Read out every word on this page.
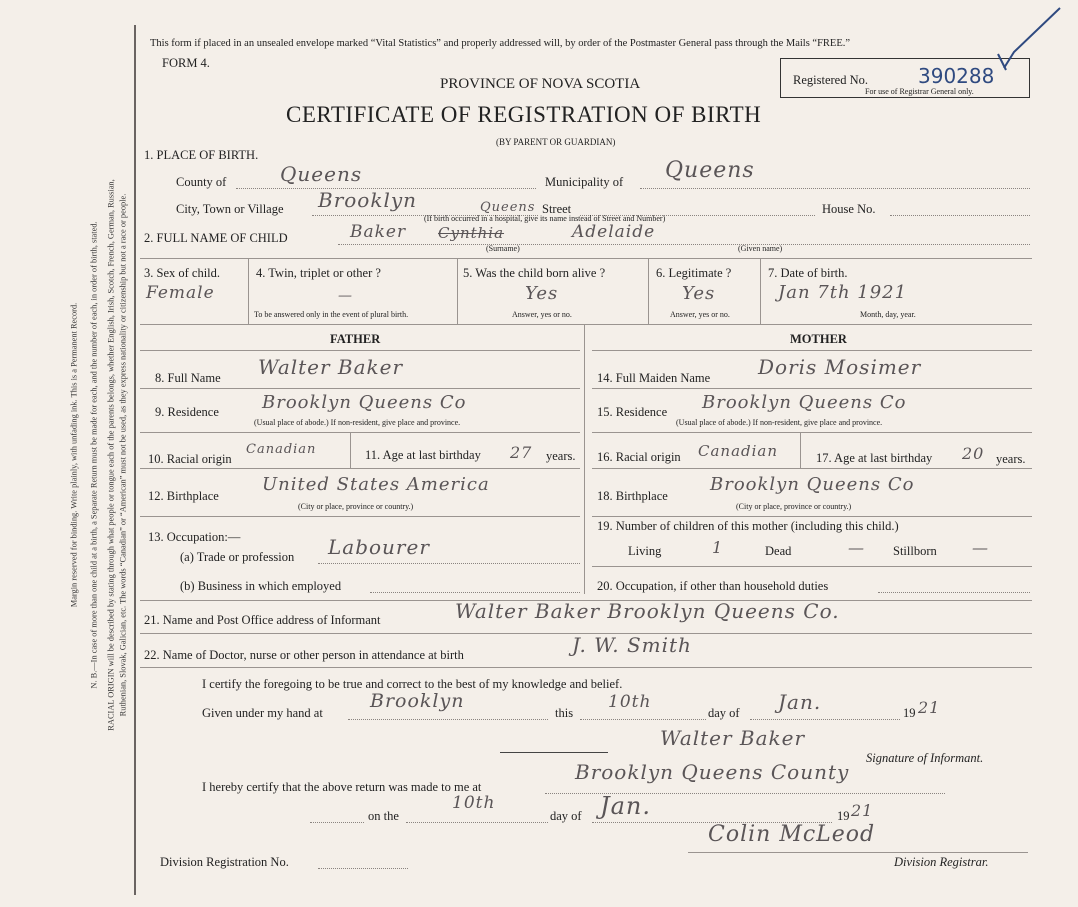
Margin reserved for binding. Write plainly, with unfading ink. This is a Permanent Record. N. B.—In case of more than one child at a birth, a Separate Return must be made for each, and the number of each, in order of birth, stated. RACIAL ORIGIN will be described by stating through what people or tongue each of the parents belongs, whether English, Irish, Scotch, French, German, Russian, Ruthenian, Slovak, Galician, etc. The words “Canadian” or “American” must not be used, as they express nationality or citizenship but not a race or people.
This form if placed in an unsealed envelope marked “Vital Statistics” and properly addressed will, by order of the Postmaster General pass through the Mails “FREE.”
FORM 4.
PROVINCE OF NOVA SCOTIA
CERTIFICATE OF REGISTRATION OF BIRTH
(BY PARENT OR GUARDIAN)
Registered No.	390288
For use of Registrar General only.
1. PLACE OF BIRTH.
County of	Queens	Municipality of Queens
City, Town or Village Brooklyn	Queens Street
(If birth occurred in a hospital, give its name instead of Street and Number)
House No.
2. FULL NAME OF CHILD	Baker Cynthia	Adelaide
(Surname)	(Given name)
3. Sex of child.
Female
4. Twin, triplet or other ?
—
To be answered only in the event of plural birth.
5. Was the child born alive ?
Yes
Answer, yes or no.
6. Legitimate ?
Yes
Answer, yes or no.
7. Date of birth.
Jan 7th 1921
Month, day, year.
FATHER	MOTHER
8. Full Name Walter Baker
9. Residence Brooklyn Queens Co
(Usual place of abode.) If non-resident, give place and province.
10. Racial origin
Canadian	11. Age at last birthday 27 years.
12. Birthplace
United States America
(City or place, province or country.)
13. Occupation:—
(a) Trade or profession Labourer
(b) Business in which employed
14. Full Maiden Name Doris Mosimer
15. Residence Brooklyn Queens Co
(Usual place of abode.) If non-resident, give place and province.
16. Racial origin Canadian	17. Age at last birthday 20 years.
18. Birthplace
Brooklyn Queens Co
(City or place, province or country.)
19. Number of children of this mother (including this child.)
Living	1	Dead	— Stillborn —
20. Occupation, if other than household duties
21. Name and Post Office address of Informant	Walter Baker Brooklyn Queens Co.
22. Name of Doctor, nurse or other person in attendance at birth	J. W. Smith
I certify the foregoing to be true and correct to the best of my knowledge and belief.
Given under my hand at
Brooklyn
this
10th
day of Jan.	19 21
Walter Baker
Signature of Informant.
I hereby certify that the above return was made to me at
Brooklyn Queens County
on the
10th
day of Jan.	19 21
Colin McLeod
Division Registration No.	Division Registrar.
